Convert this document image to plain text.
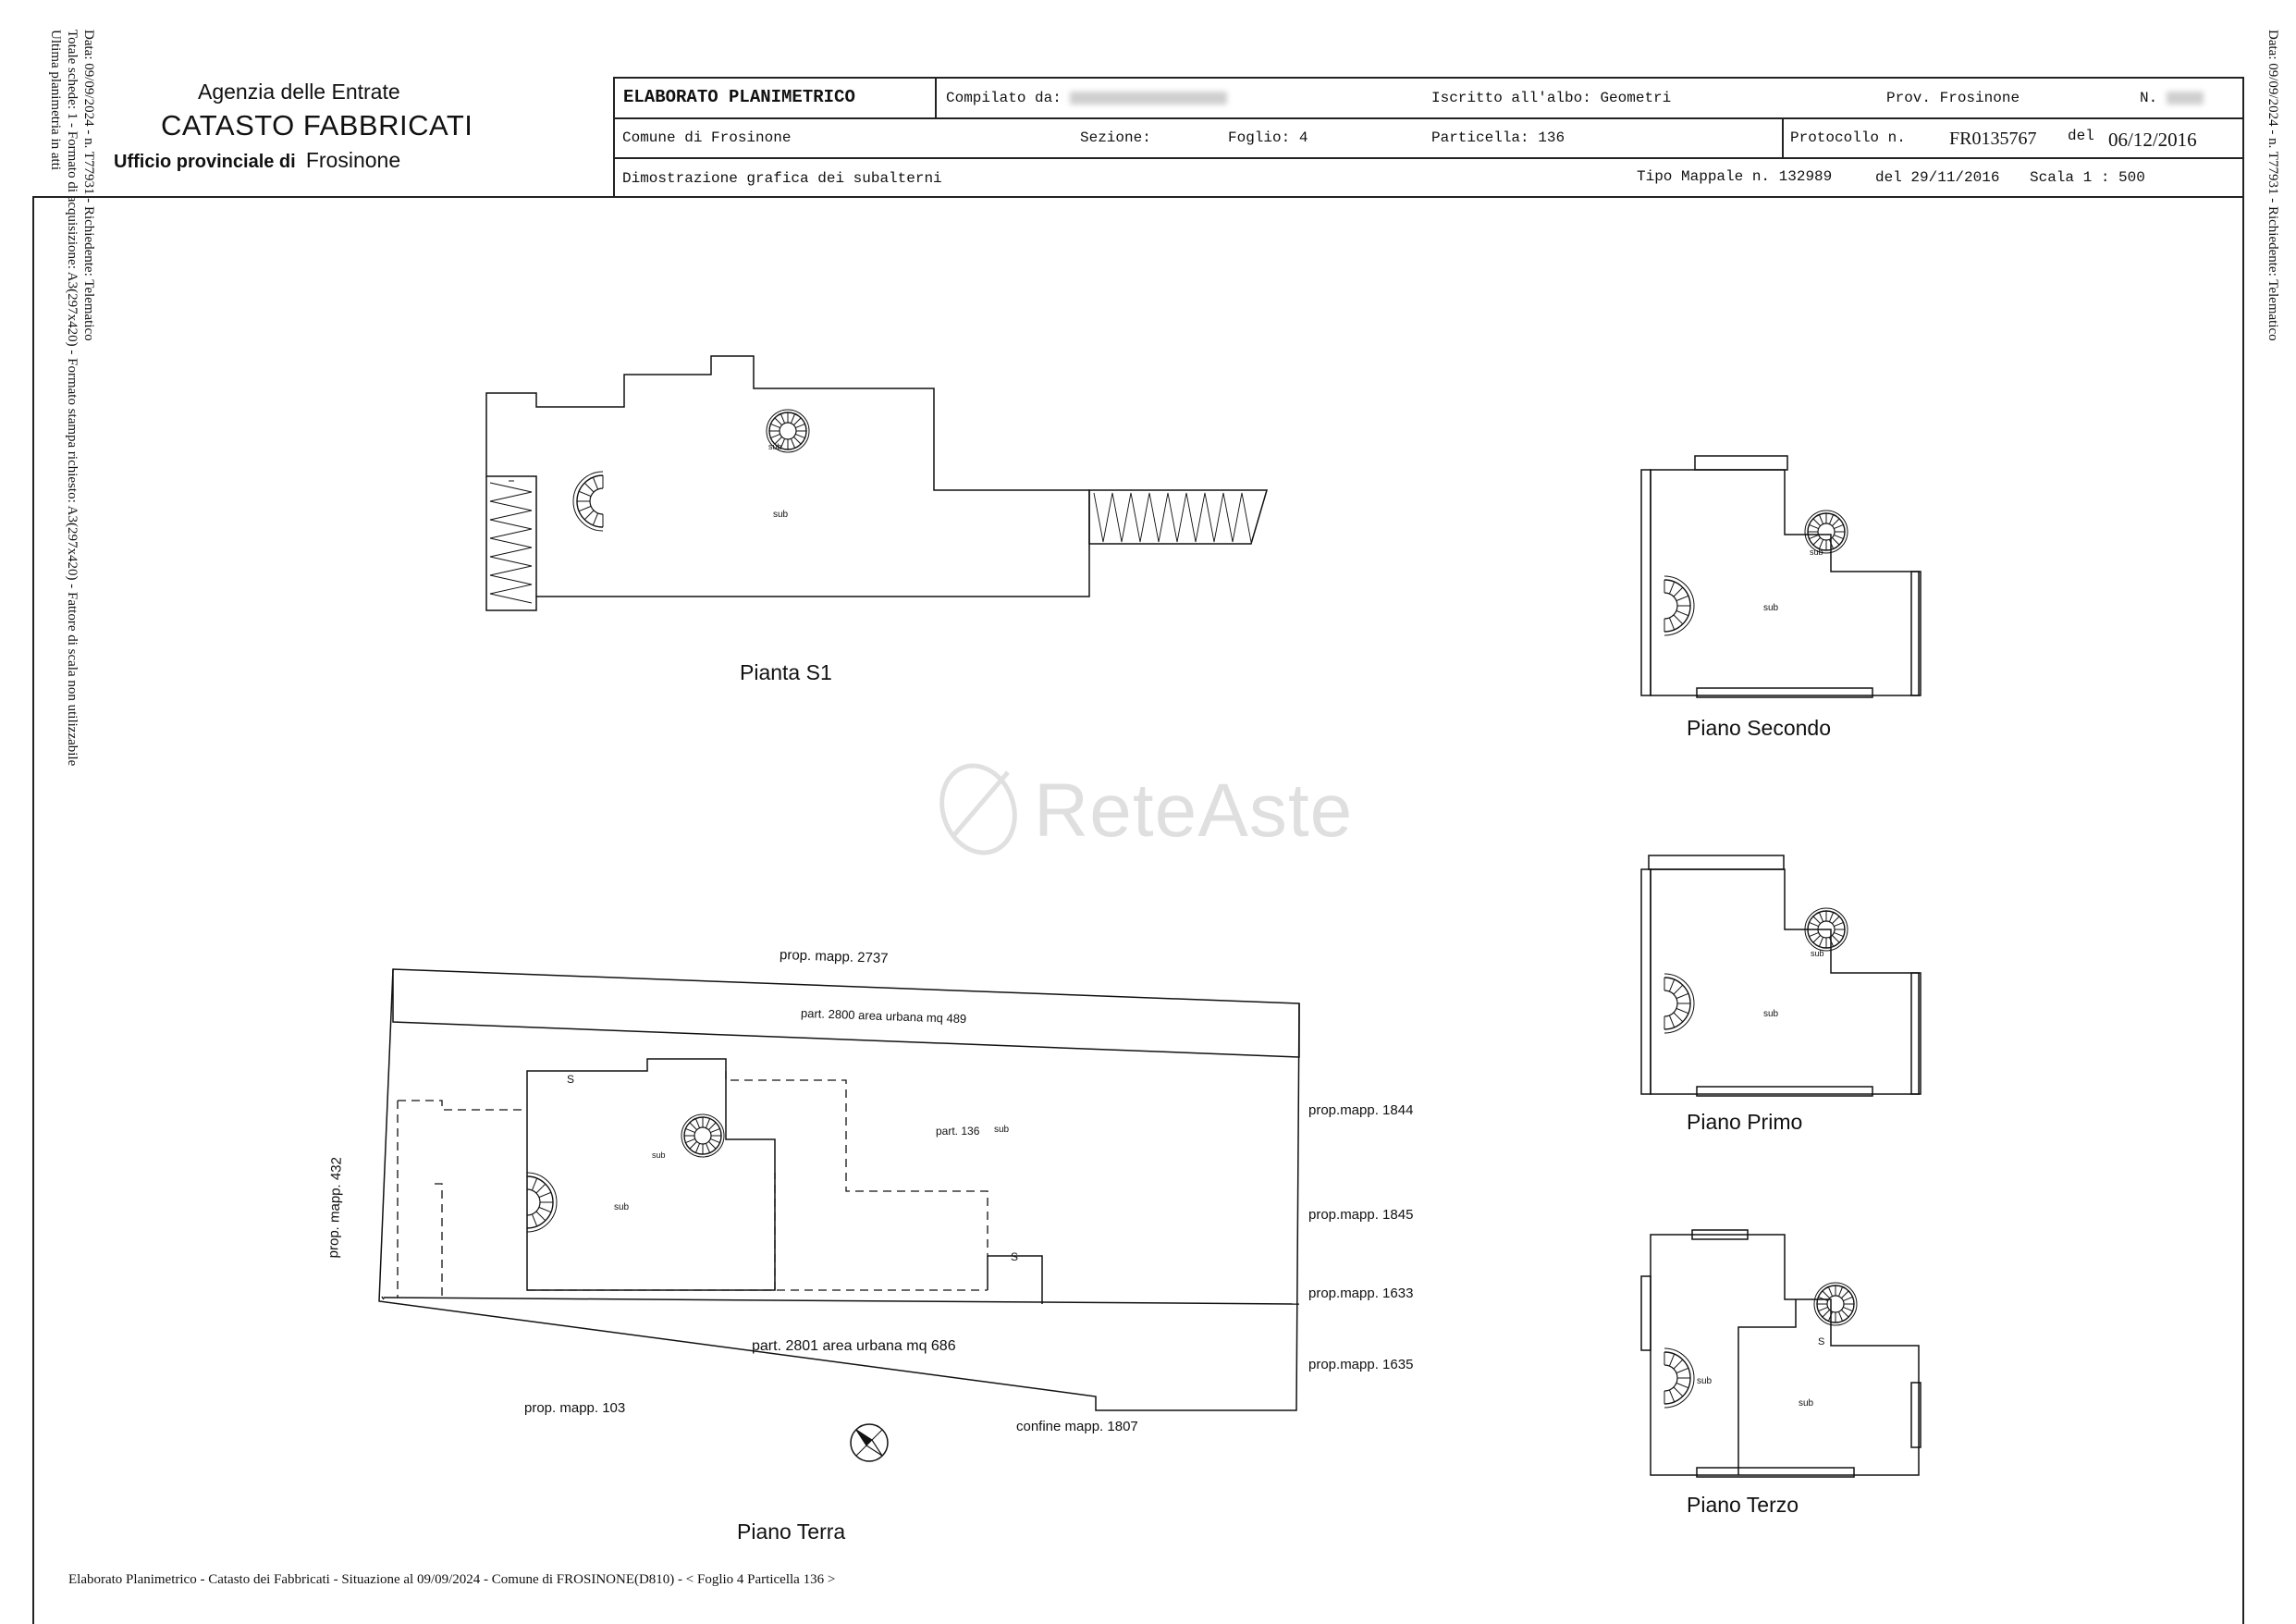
Data: 09/09/2024 - n. T77931 - Richiedente: Telematico
Totale schede: 1 - Formato di acquisizione: A3(297x420) - Formato stampa richiesto: A3(297x420) - Fattore di scala non utilizzabile
Ultima planimetria in atti	Data: 09/09/2024 - n. T77931 - Richiedente: Telematico
Agenzia delle Entrate
CATASTO FABBRICATI
Ufficio provinciale di Frosinone
ELABORATO PLANIMETRICO	Compilato da:	Iscritto all'albo: Geometri	Prov. Frosinone	N.
Comune di Frosinone	Sezione:	Foglio: 4	Particella: 136	Protocollo n. FR0135767 del 06/12/2016
Dimostrazione grafica dei subalterni	Tipo Mappale n. 132989	del 29/11/2016 Scala 1 : 500
sub
sub
sub
sub
sub
sub
sub
sub
S
sub
sub
sub
S
S
Pianta S1
Piano Secondo
Piano Primo
Piano Terzo
Piano Terra
prop. mapp. 2737
part. 2800 area urbana mq 489
part. 136
prop.mapp. 1844
prop.mapp. 1845
prop.mapp. 1633
prop.mapp. 1635
prop. mapp. 432
part. 2801 area urbana mq 686
prop. mapp. 103
confine mapp. 1807
ReteAste
Elaborato Planimetrico - Catasto dei Fabbricati - Situazione al 09/09/2024 - Comune di FROSINONE(D810) - < Foglio 4 Particella 136 >
